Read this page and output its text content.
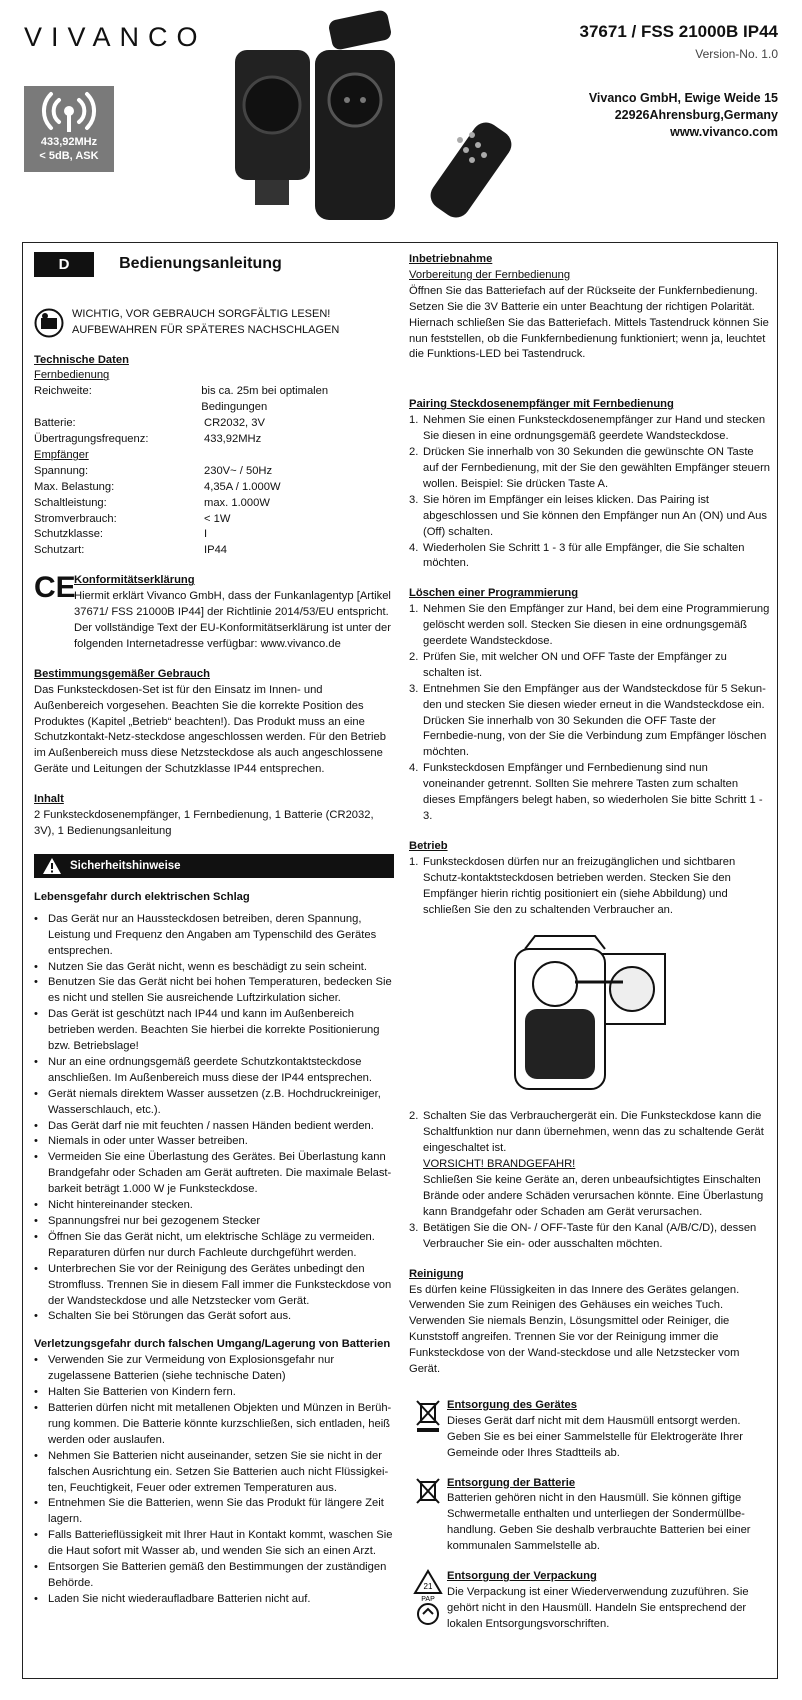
VIVANCO	37671 / FSS 21000B IP44
Version-No. 1.0
Vivanco GmbH, Ewige Weide 15
22926Ahrensburg,Germany
www.vivanco.com
433,92MHz
< 5dB, ASK
D	Bedienungsanleitung
WICHTIG, VOR GEBRAUCH SORGFÄLTIG LESEN!
AUFBEWAHREN FÜR SPÄTERES NACHSCHLAGEN
Technische Daten
Fernbedienung
Reichweite:	bis ca. 25m bei optimalen Bedingungen
Batterie:	CR2032, 3V
Übertragungsfrequenz:	433,92MHz
Empfänger
Spannung:	230V~ / 50Hz
Max. Belastung:	4,35A / 1.000W
Schaltleistung:	max. 1.000W
Stromverbrauch:	< 1W
Schutzklasse:	I
Schutzart:	IP44
CE
Konformitätserklärung
Hiermit erklärt Vivanco GmbH, dass der Funkanlagentyp [Artikel 37671/ FSS 21000B IP44] der Richtlinie 2014/53/EU entspricht. Der vollständige Text der EU-Konformitätserklärung ist unter der folgenden Internetadresse verfügbar: www.vivanco.de
Bestimmungsgemäßer Gebrauch
Das Funksteckdosen-Set ist für den Einsatz im Innen- und Außenbereich vorgesehen. Beachten Sie die korrekte Position des Produktes (Kapitel „Betrieb“ beachten!). Das Produkt muss an eine Schutzkontakt-Netz-steckdose angeschlossen werden. Für den Betrieb im Außenbereich muss diese Netzsteckdose als auch angeschlossene Geräte und Leitungen der Schutzklasse IP44 entsprechen.
Inhalt
2 Funksteckdosenempfänger, 1 Fernbedienung, 1 Batterie (CR2032, 3V), 1 Bedienungsanleitung
Sicherheitshinweise
Lebensgefahr durch elektrischen Schlag
• Das Gerät nur an Haussteckdosen betreiben, deren Spannung, Leistung und Frequenz den Angaben am Typenschild des Gerätes entsprechen.
• Nutzen Sie das Gerät nicht, wenn es beschädigt zu sein scheint.
• Benutzen Sie das Gerät nicht bei hohen Temperaturen, bedecken Sie es nicht und stellen Sie ausreichende Luftzirkulation sicher.
• Das Gerät ist geschützt nach IP44 und kann im Außenbereich betrieben werden. Beachten Sie hierbei die korrekte Positionierung bzw. Betriebslage!
• Nur an eine ordnungsgemäß geerdete Schutzkontaktsteckdose anschließen. Im Außenbereich muss diese der IP44 entsprechen.
• Gerät niemals direktem Wasser aussetzen (z.B. Hochdruckreiniger, Wasserschlauch, etc.).
• Das Gerät darf nie mit feuchten / nassen Händen bedient werden.
• Niemals in oder unter Wasser betreiben.
• Vermeiden Sie eine Überlastung des Gerätes. Bei Überlastung kann Brandgefahr oder Schaden am Gerät auftreten. Die maximale Belast-barkeit beträgt 1.000 W je Funksteckdose.
• Nicht hintereinander stecken.
• Spannungsfrei nur bei gezogenem Stecker
• Öffnen Sie das Gerät nicht, um elektrische Schläge zu vermeiden. Reparaturen dürfen nur durch Fachleute durchgeführt werden.
• Unterbrechen Sie vor der Reinigung des Gerätes unbedingt den Stromfluss. Trennen Sie in diesem Fall immer die Funksteckdose von der Wandsteckdose und alle Netzstecker vom Gerät.
• Schalten Sie bei Störungen das Gerät sofort aus.
Verletzungsgefahr durch falschen Umgang/Lagerung von Batterien
• Verwenden Sie zur Vermeidung von Explosionsgefahr nur zugelassene Batterien (siehe technische Daten)
• Halten Sie Batterien von Kindern fern.
• Batterien dürfen nicht mit metallenen Objekten und Münzen in Berüh-rung kommen. Die Batterie könnte kurzschließen, sich entladen, heiß werden oder auslaufen.
• Nehmen Sie Batterien nicht auseinander, setzen Sie sie nicht in der falschen Ausrichtung ein. Setzen Sie Batterien auch nicht Flüssigkei-ten, Feuchtigkeit, Feuer oder extremen Temperaturen aus.
• Entnehmen Sie die Batterien, wenn Sie das Produkt für längere Zeit lagern.
• Falls Batterieflüssigkeit mit Ihrer Haut in Kontakt kommt, waschen Sie die Haut sofort mit Wasser ab, und wenden Sie sich an einen Arzt.
• Entsorgen Sie Batterien gemäß den Bestimmungen der zuständigen Behörde.
• Laden Sie nicht wiederaufladbare Batterien nicht auf.
Inbetriebnahme
Vorbereitung der Fernbedienung
Öffnen Sie das Batteriefach auf der Rückseite der Funkfernbedienung. Setzen Sie die 3V Batterie ein unter Beachtung der richtigen Polarität. Hiernach schließen Sie das Batteriefach. Mittels Tastendruck können Sie nun feststellen, ob die Funkfernbedienung funktioniert; wenn ja, leuchtet die Funktions-LED bei Tastendruck.
Pairing Steckdosenempfänger mit Fernbedienung
1. Nehmen Sie einen Funksteckdosenempfänger zur Hand und stecken Sie diesen in eine ordnungsgemäß geerdete Wandsteckdose.
2. Drücken Sie innerhalb von 30 Sekunden die gewünschte ON Taste auf der Fernbedienung, mit der Sie den gewählten Empfänger steuern wollen. Beispiel: Sie drücken Taste A.
3. Sie hören im Empfänger ein leises klicken. Das Pairing ist abgeschlossen und Sie können den Empfänger nun An (ON) und Aus (Off) schalten.
4. Wiederholen Sie Schritt 1 - 3 für alle Empfänger, die Sie schalten möchten.
Löschen einer Programmierung
1. Nehmen Sie den Empfänger zur Hand, bei dem eine Programmierung gelöscht werden soll. Stecken Sie diesen in eine ordnungsgemäß geerdete Wandsteckdose.
2. Prüfen Sie, mit welcher ON und OFF Taste der Empfänger zu schalten ist.
3. Entnehmen Sie den Empfänger aus der Wandsteckdose für 5 Sekun-den und stecken Sie diesen wieder erneut in die Wandsteckdose ein. Drücken Sie innerhalb von 30 Sekunden die OFF Taste der Fernbedie-nung, von der Sie die Verbindung zum Empfänger löschen möchten.
4. Funksteckdosen Empfänger und Fernbedienung sind nun voneinander getrennt. Sollten Sie mehrere Tasten zum schalten dieses Empfängers belegt haben, so wiederholen Sie bitte Schritt 1 - 3.
Betrieb
1. Funksteckdosen dürfen nur an freizugänglichen und sichtbaren Schutz-kontaktsteckdosen betrieben werden. Stecken Sie den Empfänger hierin richtig positioniert ein (siehe Abbildung) und schließen Sie den zu schaltenden Verbraucher an.
2. Schalten Sie das Verbrauchergerät ein. Die Funksteckdose kann die Schaltfunktion nur dann übernehmen, wenn das zu schaltende Gerät eingeschaltet ist.
VORSICHT! BRANDGEFAHR!
Schließen Sie keine Geräte an, deren unbeaufsichtigtes Einschalten Brände oder andere Schäden verursachen könnte. Eine Überlastung kann Brandgefahr oder Schaden am Gerät verursachen.
3. Betätigen Sie die ON- / OFF-Taste für den Kanal (A/B/C/D), dessen Verbraucher Sie ein- oder ausschalten möchten.
Reinigung
Es dürfen keine Flüssigkeiten in das Innere des Gerätes gelangen. Verwenden Sie zum Reinigen des Gehäuses ein weiches Tuch. Verwenden Sie niemals Benzin, Lösungsmittel oder Reiniger, die Kunststoff angreifen. Trennen Sie vor der Reinigung immer die Funksteckdose von der Wand-steckdose und alle Netzstecker vom Gerät.
Entsorgung des Gerätes
Dieses Gerät darf nicht mit dem Hausmüll entsorgt werden. Geben Sie es bei einer Sammelstelle für Elektrogeräte Ihrer Gemeinde oder Ihres Stadtteils ab.
Entsorgung der Batterie
Batterien gehören nicht in den Hausmüll. Sie können giftige Schwermetalle enthalten und unterliegen der Sondermüllbe-handlung. Geben Sie deshalb verbrauchte Batterien bei einer kommunalen Sammelstelle ab.
21
PAP
Entsorgung der Verpackung
Die Verpackung ist einer Wiederverwendung zuzuführen. Sie gehört nicht in den Hausmüll. Handeln Sie entsprechend der lokalen Entsorgungsvorschriften.
